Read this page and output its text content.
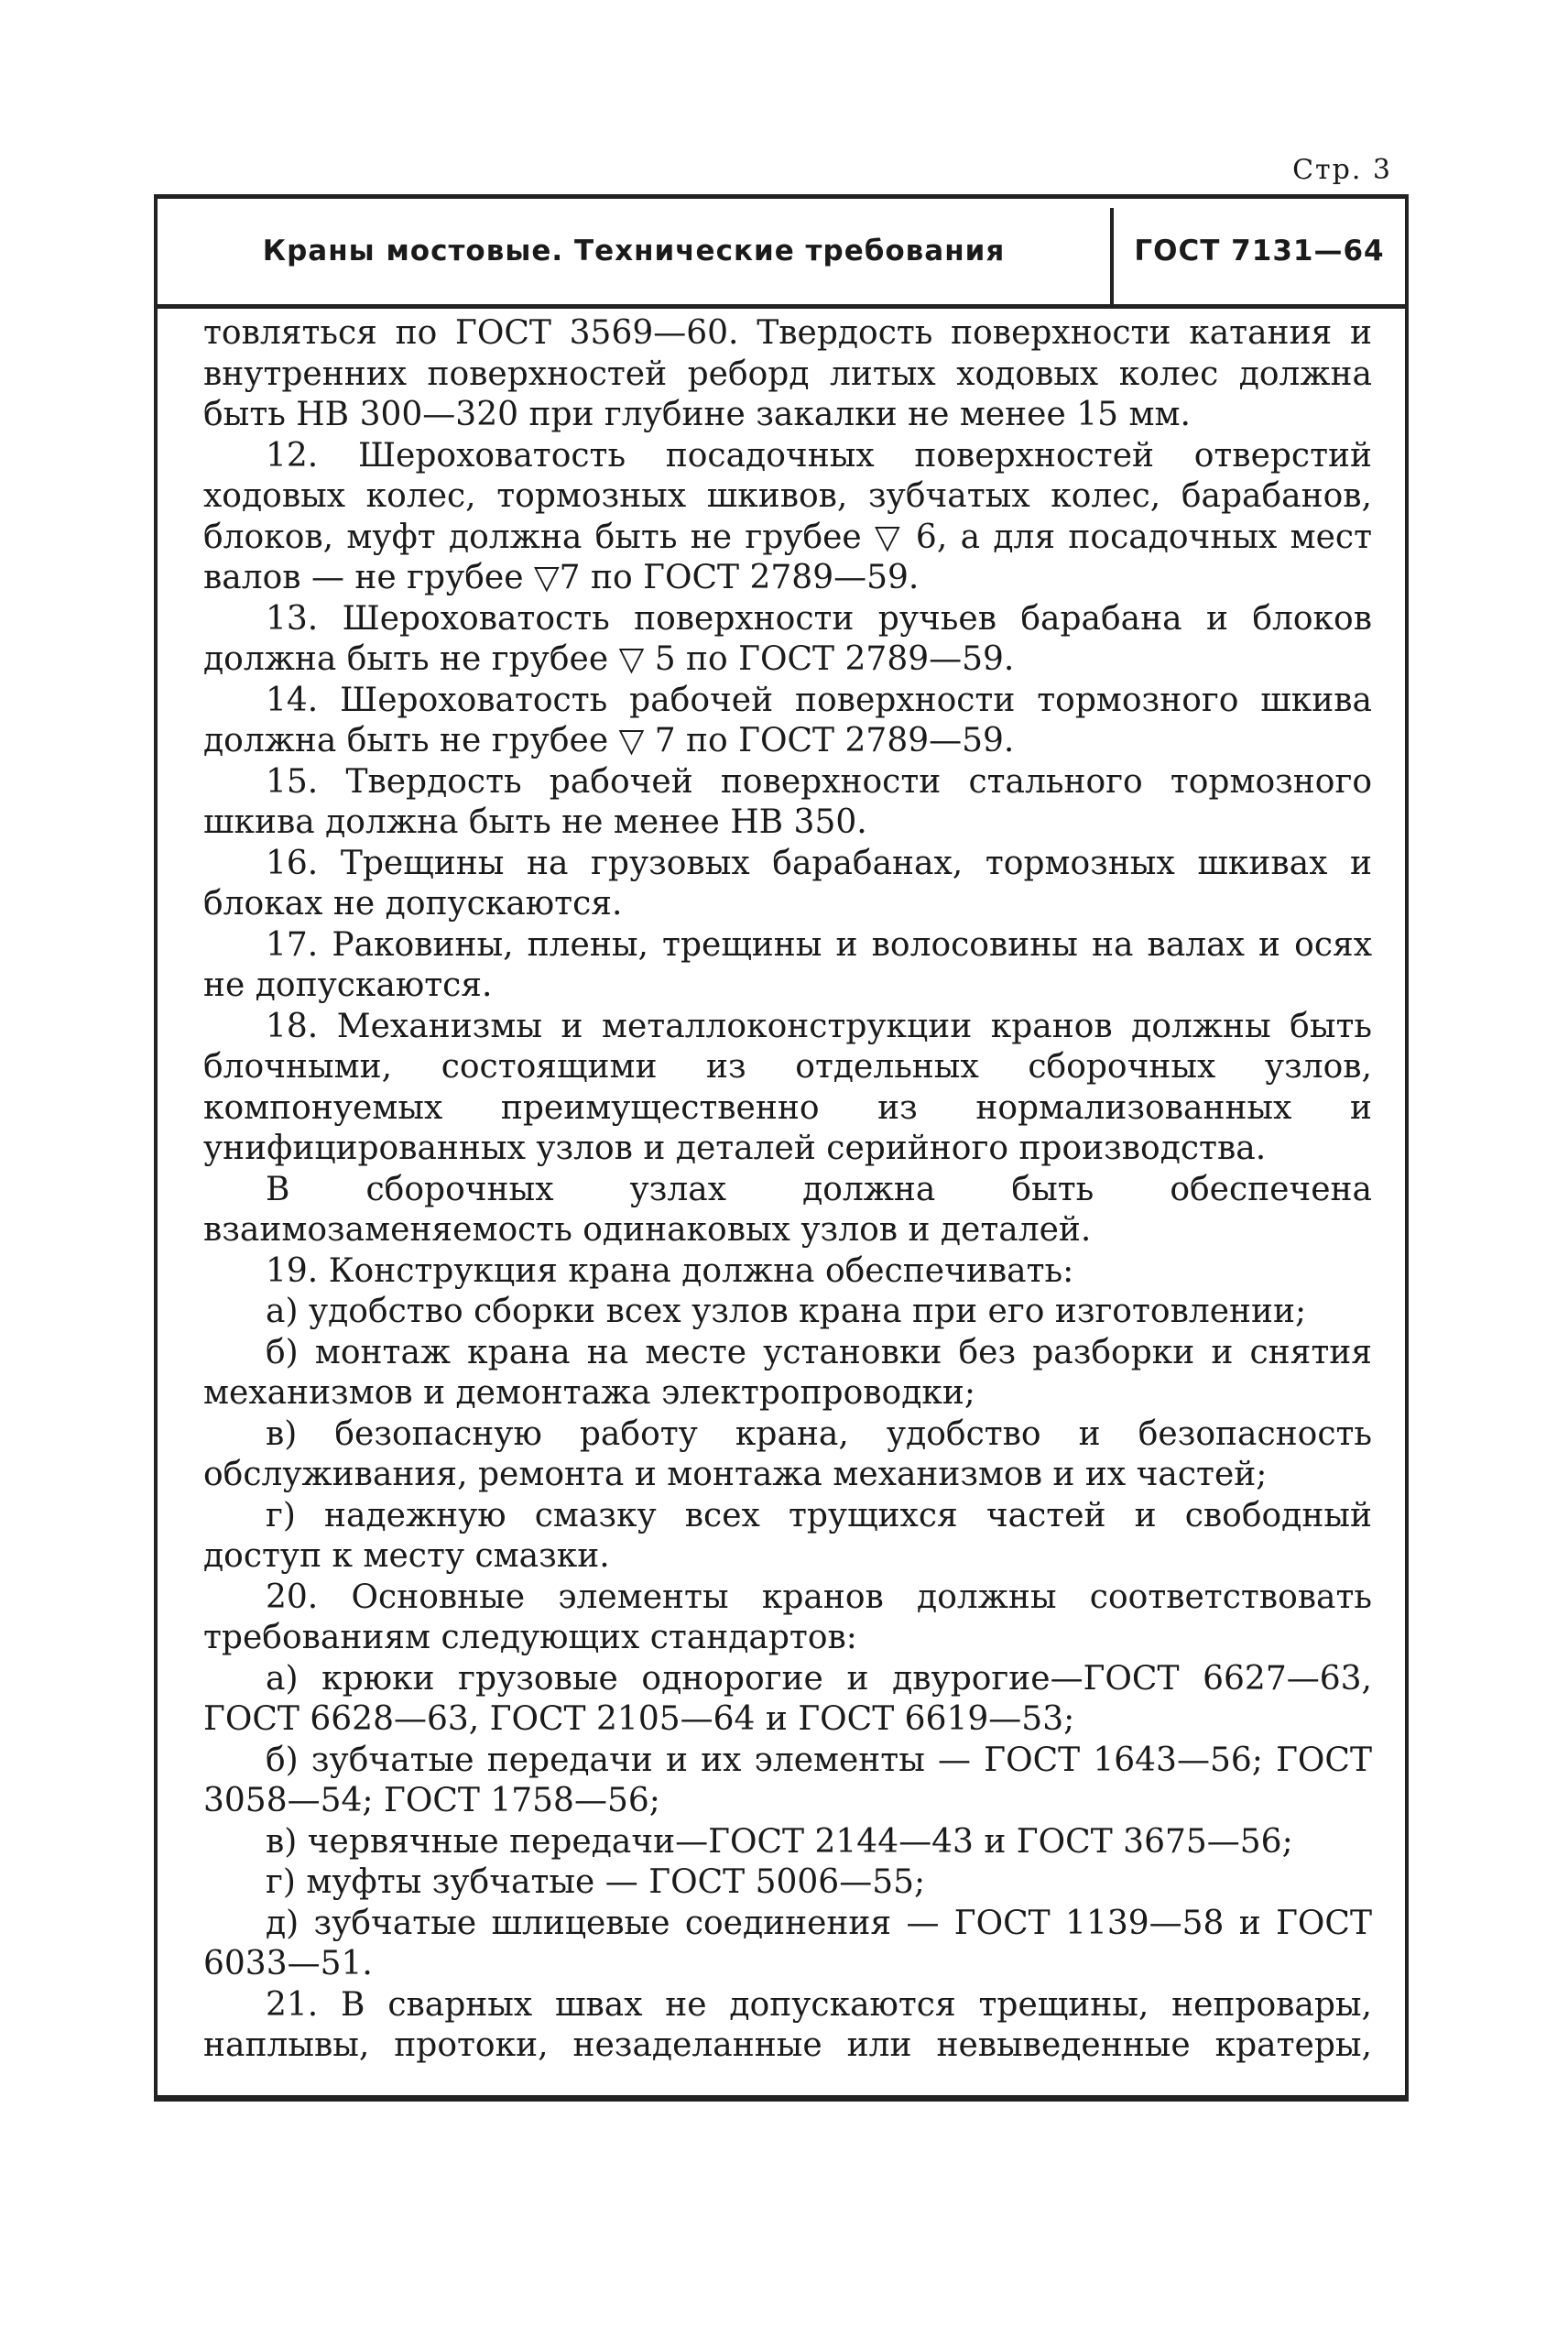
Стр. 3
Краны мостовые. Технические требования	ГОСТ 7131—64

товляться по ГОСТ 3569—60. Твердость поверхности катания и внутренних поверхностей реборд литых ходовых колес должна быть НВ 300—320 при глубине закалки не менее 15 мм.

12. Шероховатость посадочных поверхностей отверстий ходовых колес, тормозных шкивов, зубчатых колес, барабанов, блоков, муфт должна быть не грубее ▽ 6, а для посадочных мест валов — не грубее ▽7 по ГОСТ 2789—59.

13. Шероховатость поверхности ручьев барабана и блоков должна быть не грубее ▽ 5 по ГОСТ 2789—59.

14. Шероховатость рабочей поверхности тормозного шкива должна быть не грубее ▽ 7 по ГОСТ 2789—59.

15. Твердость рабочей поверхности стального тормозного шкива должна быть не менее НВ 350.

16. Трещины на грузовых барабанах, тормозных шкивах и блоках не допускаются.

17. Раковины, плены, трещины и волосовины на валах и осях не допускаются.

18. Механизмы и металлоконструкции кранов должны быть блочными, состоящими из отдельных сборочных узлов, компонуемых преимущественно из нормализованных и унифицированных узлов и деталей серийного производства.

В сборочных узлах должна быть обеспечена взаимозаменяемость одинаковых узлов и деталей.

19. Конструкция крана должна обеспечивать:

а) удобство сборки всех узлов крана при его изготовлении;

б) монтаж крана на месте установки без разборки и снятия механизмов и демонтажа электропроводки;

в) безопасную работу крана, удобство и безопасность обслуживания, ремонта и монтажа механизмов и их частей;

г) надежную смазку всех трущихся частей и свободный доступ к месту смазки.

20. Основные элементы кранов должны соответствовать требованиям следующих стандартов:

а) крюки грузовые однорогие и двурогие—ГОСТ 6627—63, ГОСТ 6628—63, ГОСТ 2105—64 и ГОСТ 6619—53;

б) зубчатые передачи и их элементы — ГОСТ 1643—56; ГОСТ 3058—54; ГОСТ 1758—56;

в) червячные передачи—ГОСТ 2144—43 и ГОСТ 3675—56;

г) муфты зубчатые — ГОСТ 5006—55;

д) зубчатые шлицевые соединения — ГОСТ 1139—58 и ГОСТ 6033—51.

21. В сварных швах не допускаются трещины, непровары, наплывы, протоки, незаделанные или невыведенные кратеры,
